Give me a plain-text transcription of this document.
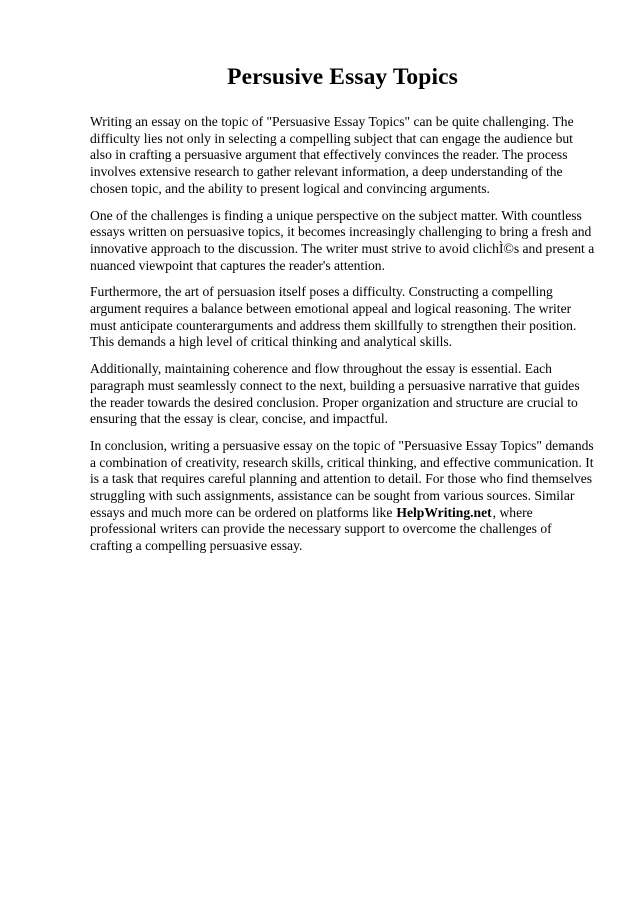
Persusive Essay Topics

Writing an essay on the topic of "Persuasive Essay Topics" can be quite challenging. The difficulty lies not only in selecting a compelling subject that can engage the audience but also in crafting a persuasive argument that effectively convinces the reader. The process involves extensive research to gather relevant information, a deep understanding of the chosen topic, and the ability to present logical and convincing arguments.

One of the challenges is finding a unique perspective on the subject matter. With countless essays written on persuasive topics, it becomes increasingly challenging to bring a fresh and innovative approach to the discussion. The writer must strive to avoid clichÌ©s and present a nuanced viewpoint that captures the reader's attention.

Furthermore, the art of persuasion itself poses a difficulty. Constructing a compelling argument requires a balance between emotional appeal and logical reasoning. The writer must anticipate counterarguments and address them skillfully to strengthen their position. This demands a high level of critical thinking and analytical skills.

Additionally, maintaining coherence and flow throughout the essay is essential. Each paragraph must seamlessly connect to the next, building a persuasive narrative that guides the reader towards the desired conclusion. Proper organization and structure are crucial to ensuring that the essay is clear, concise, and impactful.

In conclusion, writing a persuasive essay on the topic of "Persuasive Essay Topics" demands a combination of creativity, research skills, critical thinking, and effective communication. It is a task that requires careful planning and attention to detail. For those who find themselves struggling with such assignments, assistance can be sought from various sources. Similar essays and much more can be ordered on platforms like HelpWriting.net, where professional writers can provide the necessary support to overcome the challenges of crafting a compelling persuasive essay.
